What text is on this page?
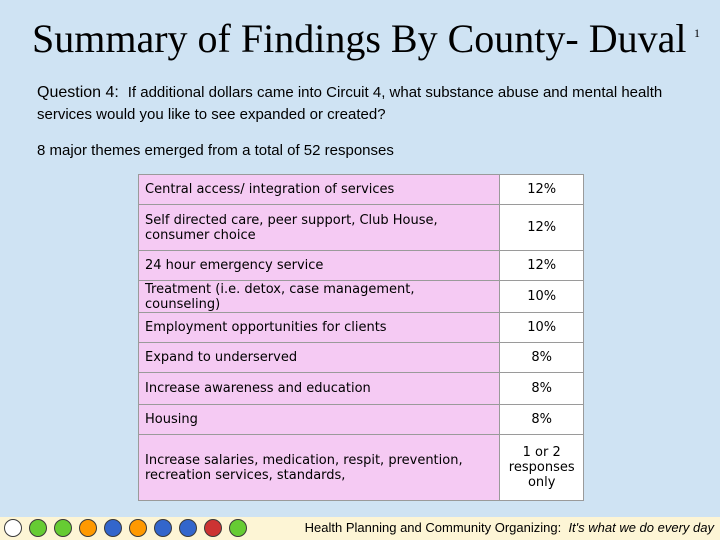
Summary of Findings By County- Duval 1
Question 4:  If additional dollars came into Circuit 4, what substance abuse and mental health services would you like to see expanded or created?
8 major themes emerged from a total of 52 responses
Central access/ integration of services	12%
Self directed care, peer support, Club House, consumer choice	12%
24 hour emergency service	12%
Treatment (i.e. detox, case management, counseling)	10%
Employment opportunities for clients	10%
Expand to underserved	8%
Increase awareness and education	8%
Housing	8%
Increase salaries, medication, respit, prevention, recreation services, standards,	1 or 2 responses only
Health Planning and Community Organizing: It's what we do every day
